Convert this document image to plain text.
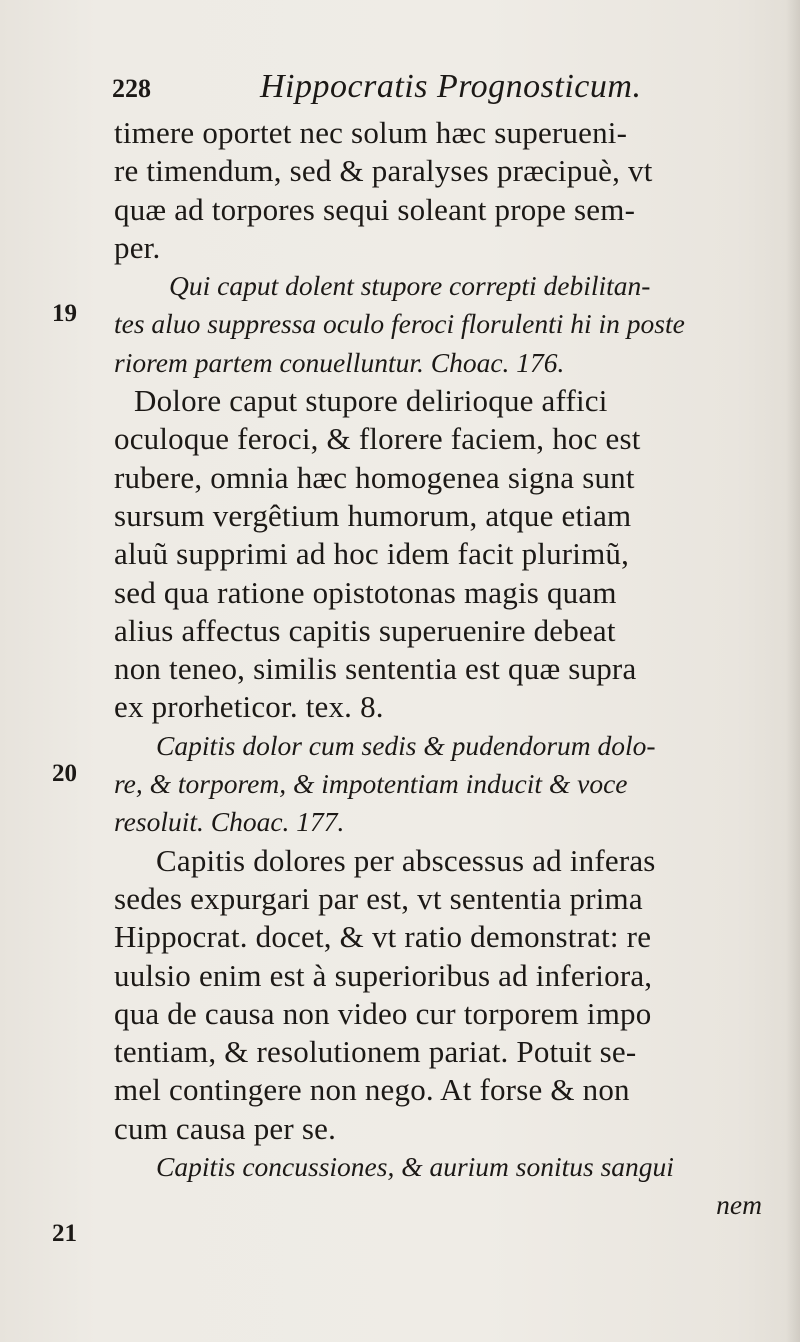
228	Hippocratis Prognosticum.
19
20
21
timere oportet nec solum hæc superueni-
re timendum, sed & paralyses præcipuè, vt
quæ ad torpores sequi soleant prope sem-
per.
Qui caput dolent stupore correpti debilitan-
tes aluo suppressa oculo feroci florulenti hi in poste
riorem partem conuelluntur. Choac. 176.
Dolore caput stupore delirioque affici
oculoque feroci, & florere faciem, hoc est
rubere, omnia hæc homogenea signa sunt
sursum vergêtium humorum, atque etiam
aluũ supprimi ad hoc idem facit plurimũ,
sed qua ratione opistotonas magis quam
alius affectus capitis superuenire debeat
non teneo, similis sententia est quæ supra
ex prorheticor. tex. 8.
Capitis dolor cum sedis & pudendorum dolo-
re, & torporem, & impotentiam inducit & voce
resoluit. Choac. 177.
Capitis dolores per abscessus ad inferas
sedes expurgari par est, vt sententia prima
Hippocrat. docet, & vt ratio demonstrat: re
uulsio enim est à superioribus ad inferiora,
qua de causa non video cur torporem impo
tentiam, & resolutionem pariat. Potuit se-
mel contingere non nego. At forse & non
cum causa per se.
Capitis concussiones, & aurium sonitus sangui
nem
